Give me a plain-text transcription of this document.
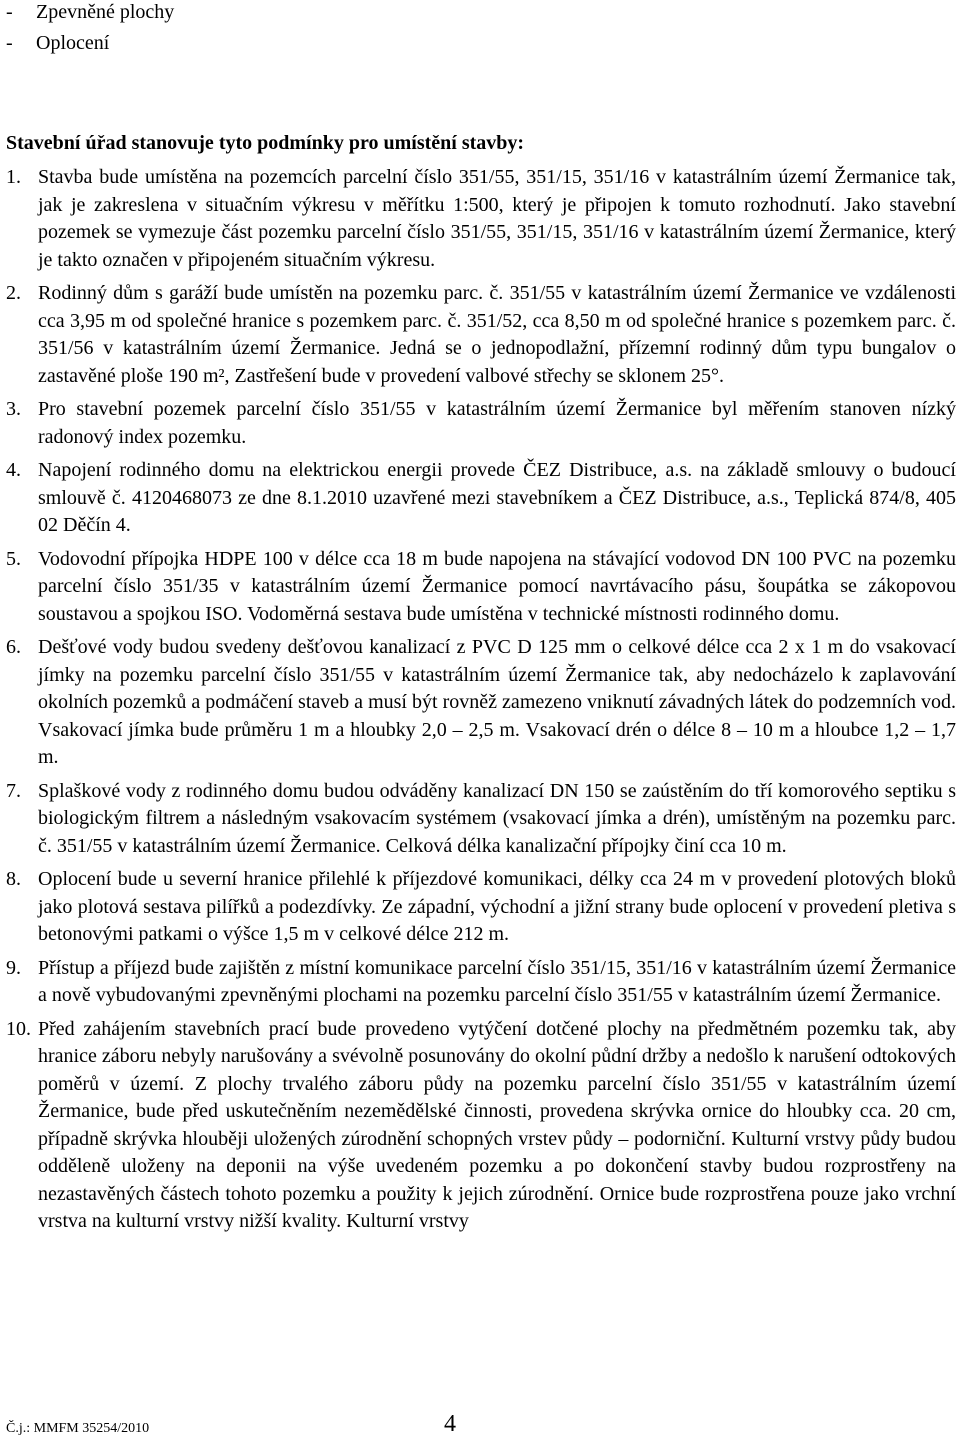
-	Zpevněné plochy
-	Oplocení

Stavební úřad stanovuje tyto podmínky pro umístění stavby:

1. Stavba bude umístěna na pozemcích parcelní číslo 351/55, 351/15, 351/16 v katastrálním území Žermanice tak, jak je zakreslena v situačním výkresu v měřítku 1:500, který je připojen k tomuto rozhodnutí. Jako stavební pozemek se vymezuje část pozemku parcelní číslo 351/55, 351/15, 351/16 v katastrálním území Žermanice, který je takto označen v připojeném situačním výkresu.

2. Rodinný dům s garáží bude umístěn na pozemku parc. č. 351/55 v katastrálním území Žermanice ve vzdálenosti cca 3,95 m od společné hranice s pozemkem parc. č. 351/52, cca 8,50 m od společné hranice s pozemkem parc. č. 351/56 v katastrálním území Žermanice. Jedná se o jednopodlažní, přízemní rodinný dům typu bungalov o zastavěné ploše 190 m², Zastřešení bude v provedení valbové střechy se sklonem 25°.

3. Pro stavební pozemek parcelní číslo 351/55 v katastrálním území Žermanice byl měřením stanoven nízký radonový index pozemku.

4. Napojení rodinného domu na elektrickou energii provede ČEZ Distribuce, a.s. na základě smlouvy o budoucí smlouvě č. 4120468073 ze dne 8.1.2010 uzavřené mezi stavebníkem a ČEZ Distribuce, a.s., Teplická 874/8, 405 02 Děčín 4.

5. Vodovodní přípojka HDPE 100 v délce cca 18 m bude napojena na stávající vodovod DN 100 PVC na pozemku parcelní číslo 351/35 v katastrálním území Žermanice pomocí navrtávacího pásu, šoupátka se zákopovou soustavou a spojkou ISO. Vodoměrná sestava bude umístěna v technické místnosti rodinného domu.

6. Dešťové vody budou svedeny dešťovou kanalizací z PVC D 125 mm o celkové délce cca 2 x 1 m do vsakovací jímky na pozemku parcelní číslo 351/55 v katastrálním území Žermanice tak, aby nedocházelo k zaplavování okolních pozemků a podmáčení staveb a musí být rovněž zamezeno vniknutí závadných látek do podzemních vod. Vsakovací jímka bude průměru 1 m a hloubky 2,0 – 2,5 m. Vsakovací drén o délce 8 – 10 m a hloubce 1,2 – 1,7 m.

7. Splaškové vody z rodinného domu budou odváděny kanalizací DN 150 se zaústěním do tří komorového septiku s biologickým filtrem a následným vsakovacím systémem (vsakovací jímka a drén), umístěným na pozemku parc. č. 351/55 v katastrálním území Žermanice. Celková délka kanalizační přípojky činí cca 10 m.

8. Oplocení bude u severní hranice přilehlé k příjezdové komunikaci, délky cca 24 m v provedení plotových bloků jako plotová sestava pilířků a podezdívky. Ze západní, východní a jižní strany bude oplocení v provedení pletiva s betonovými patkami o výšce 1,5 m v celkové délce 212 m.

9. Přístup a příjezd bude zajištěn z místní komunikace parcelní číslo 351/15, 351/16 v katastrálním území Žermanice a nově vybudovanými zpevněnými plochami na pozemku parcelní číslo 351/55 v katastrálním území Žermanice.

10. Před zahájením stavebních prací bude provedeno vytýčení dotčené plochy na předmětném pozemku tak, aby hranice záboru nebyly narušovány a svévolně posunovány do okolní půdní držby a nedošlo k narušení odtokových poměrů v území. Z plochy trvalého záboru půdy na pozemku parcelní číslo 351/55 v katastrálním území Žermanice, bude před uskutečněním nezemědělské činnosti, provedena skrývka ornice do hloubky cca. 20 cm, případně skrývka hlouběji uložených zúrodnění schopných vrstev půdy – podorniční. Kulturní vrstvy půdy budou odděleně uloženy na deponii na výše uvedeném pozemku a po dokončení stavby budou rozprostřeny na nezastavěných částech tohoto pozemku a použity k jejich zúrodnění. Ornice bude rozprostřena pouze jako vrchní vrstva na kulturní vrstvy nižší kvality. Kulturní vrstvy

Č.j.: MMFM 35254/2010	4
